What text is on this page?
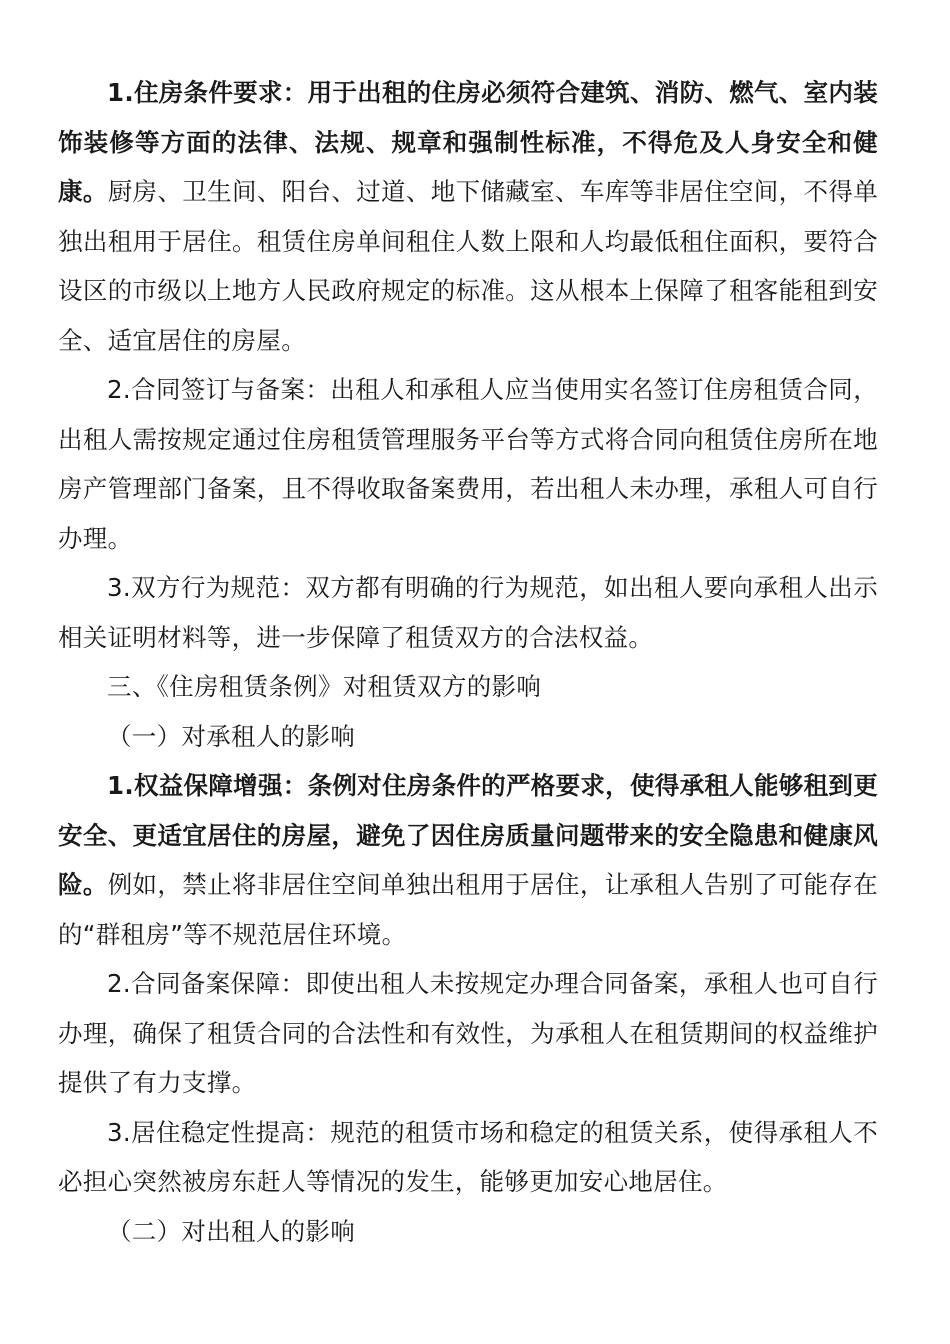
1.住房条件要求：用于出租的住房必须符合建筑、消防、燃气、室内装饰装修等方面的法律、法规、规章和强制性标准，不得危及人身安全和健康。厨房、卫生间、阳台、过道、地下储藏室、车库等非居住空间，不得单独出租用于居住。租赁住房单间租住人数上限和人均最低租住面积，要符合设区的市级以上地方人民政府规定的标准。这从根本上保障了租客能租到安全、适宜居住的房屋。

2.合同签订与备案：出租人和承租人应当使用实名签订住房租赁合同，出租人需按规定通过住房租赁管理服务平台等方式将合同向租赁住房所在地房产管理部门备案，且不得收取备案费用，若出租人未办理，承租人可自行办理。

3.双方行为规范：双方都有明确的行为规范，如出租人要向承租人出示相关证明材料等，进一步保障了租赁双方的合法权益。

三、《住房租赁条例》对租赁双方的影响

（一）对承租人的影响

1.权益保障增强：条例对住房条件的严格要求，使得承租人能够租到更安全、更适宜居住的房屋，避免了因住房质量问题带来的安全隐患和健康风险。例如，禁止将非居住空间单独出租用于居住，让承租人告别了可能存在的“群租房”等不规范居住环境。

2.合同备案保障：即使出租人未按规定办理合同备案，承租人也可自行办理，确保了租赁合同的合法性和有效性，为承租人在租赁期间的权益维护提供了有力支撑。

3.居住稳定性提高：规范的租赁市场和稳定的租赁关系，使得承租人不必担心突然被房东赶人等情况的发生，能够更加安心地居住。

（二）对出租人的影响
